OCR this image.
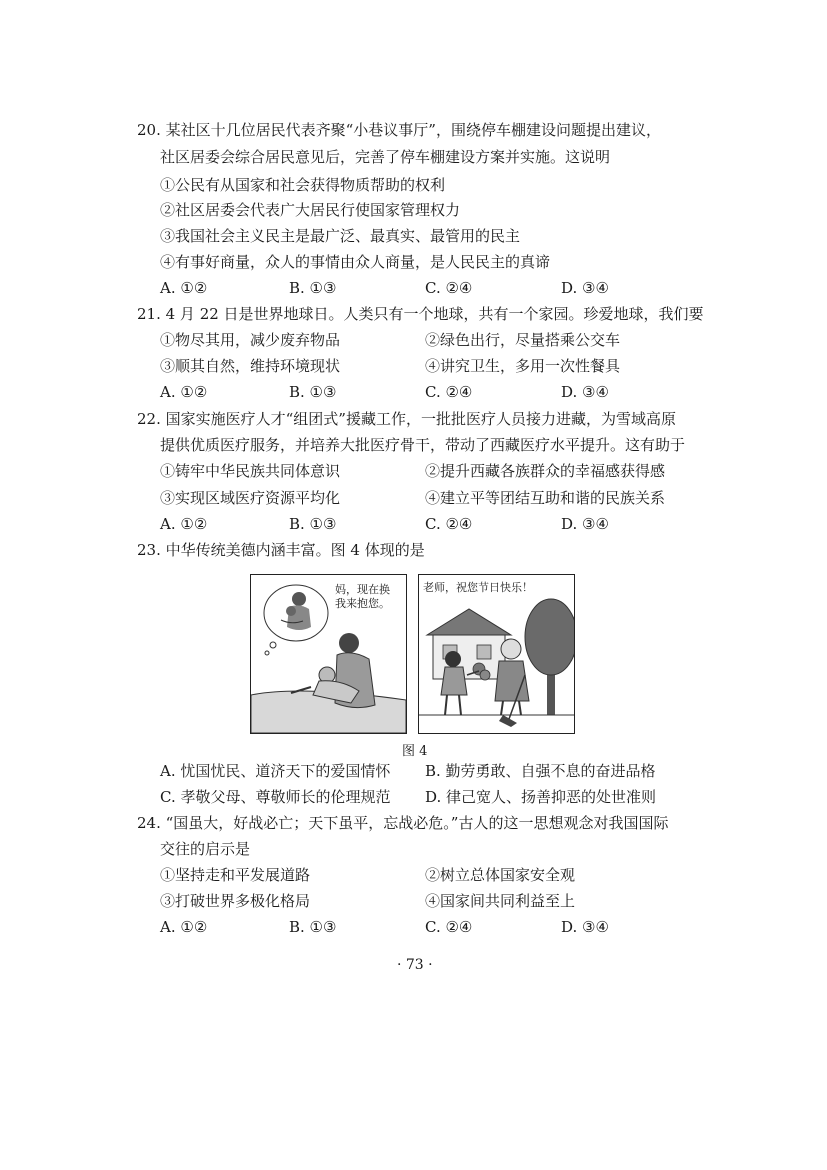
20. 某社区十几位居民代表齐聚“小巷议事厅”，围绕停车棚建设问题提出建议，
社区居委会综合居民意见后，完善了停车棚建设方案并实施。这说明
①公民有从国家和社会获得物质帮助的权利
②社区居委会代表广大居民行使国家管理权力
③我国社会主义民主是最广泛、最真实、最管用的民主
④有事好商量，众人的事情由众人商量，是人民民主的真谛
A. ①②	B. ①③	C. ②④	D. ③④
21. 4 月 22 日是世界地球日。人类只有一个地球，共有一个家园。珍爱地球，我们要
①物尽其用，减少废弃物品	②绿色出行，尽量搭乘公交车
③顺其自然，维持环境现状	④讲究卫生，多用一次性餐具
A. ①②	B. ①③	C. ②④	D. ③④
22. 国家实施医疗人才“组团式”援藏工作，一批批医疗人员接力进藏，为雪域高原
提供优质医疗服务，并培养大批医疗骨干，带动了西藏医疗水平提升。这有助于
①铸牢中华民族共同体意识	②提升西藏各族群众的幸福感获得感
③实现区域医疗资源平均化	④建立平等团结互助和谐的民族关系
A. ①②	B. ①③	C. ②④	D. ③④
23. 中华传统美德内涵丰富。图 4 体现的是
妈，现在换
我来抱您。
老师，祝您节日快乐！
图 4
A. 忧国忧民、道济天下的爱国情怀 B. 勤劳勇敢、自强不息的奋进品格
C. 孝敬父母、尊敬师长的伦理规范 D. 律己宽人、扬善抑恶的处世准则
24. “国虽大，好战必亡；天下虽平，忘战必危。”古人的这一思想观念对我国国际
交往的启示是
①坚持走和平发展道路	②树立总体国家安全观
③打破世界多极化格局	④国家间共同利益至上
A. ①②	B. ①③	C. ②④	D. ③④
· 73 ·
